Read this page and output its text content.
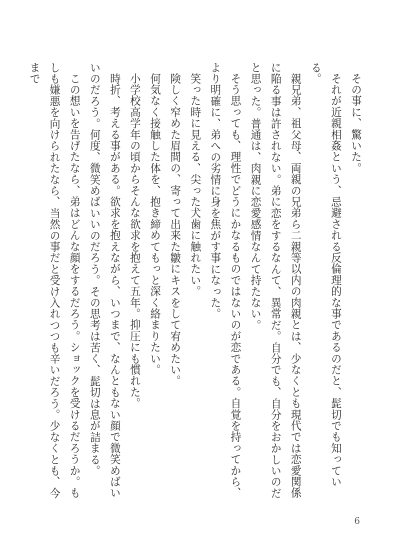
その事に、驚いた。

それが近親相姦という、忌避される反倫理的な事であるのだと、髭切でも知っている。

親兄弟、祖父母、両親の兄弟ら二親等以内の肉親とは、少なくとも現代では恋愛関係に陥る事は許されない。弟に恋をするなんて、異常だ。自分でも、自分をおかしいのだと思った。普通は、肉親に恋愛感情なんて持たない。

そう思っても、理性でどうにかなるものではないのが恋である。自覚を持ってから、より明確に、弟への劣情に身を焦がす事になった。

笑った時に見える、尖った犬歯に触れたい。

険しく窄めた眉間の、寄って出来た皺にキスをして宥めたい。

何気なく接触した体を、抱き締めてもっと深く絡まりたい。

小学校高学年の頃からそんな欲求を抱えて五年。抑圧にも慣れた。

時折、考える事がある。欲求を抱えながら、いつまで、なんともない顔で微笑めばいいのだろう。何度、微笑めばいいのだろう。その思考は苦く、髭切は息が詰まる。

この想いを告げたなら、弟はどんな顔をするだろう。ショックを受けるだろうか。もしも嫌悪を向けられたなら、当然の事だと受け入れつつも辛いだろう。少なくとも、今まで

6
